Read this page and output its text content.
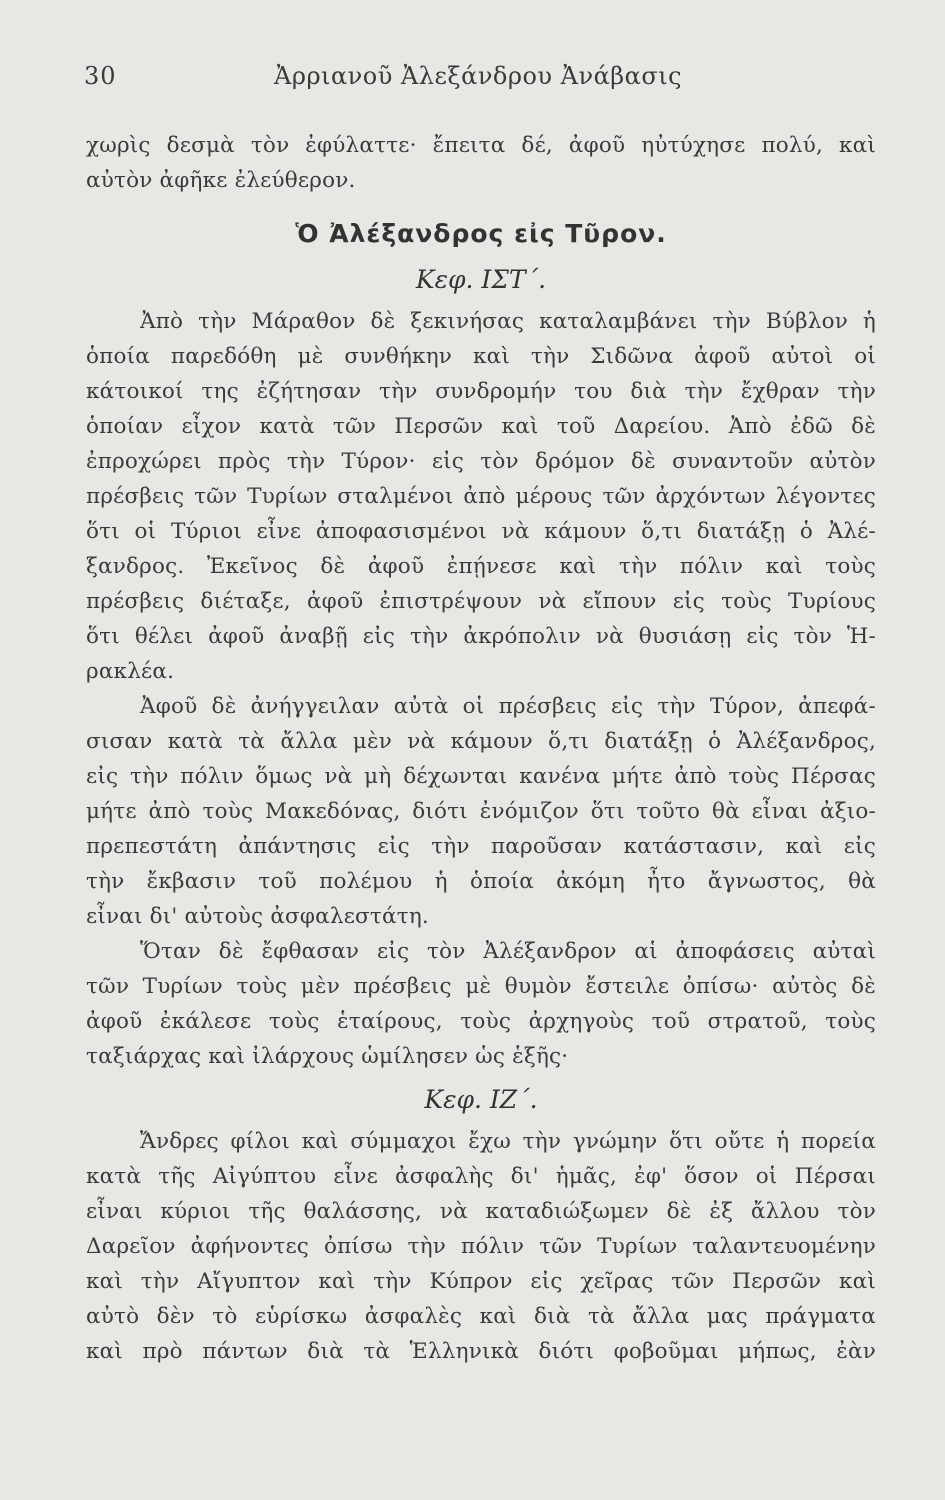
30	Ἀρριανοῦ Ἀλεξάνδρου Ἀνάβασις
χωρὶς δεσμὰ τὸν ἐφύλαττε· ἔπειτα δέ, ἀφοῦ ηὐτύχησε πολύ, καὶ
αὐτὸν ἀφῆκε ἐλεύθερον.
Ὁ Ἀλέξανδρος εἰς Τῦρον.
Κεφ. ΙΣΤ΄.
Ἀπὸ τὴν Μάραθον δὲ ξεκινήσας καταλαμβάνει τὴν Βύβλον ἡ
ὁποία παρεδόθη μὲ συνθήκην καὶ τὴν Σιδῶνα ἀφοῦ αὐτοὶ οἱ
κάτοικοί της ἐζήτησαν τὴν συνδρομήν του διὰ τὴν ἔχθραν τὴν
ὁποίαν εἶχον κατὰ τῶν Περσῶν καὶ τοῦ Δαρείου. Ἀπὸ ἐδῶ δὲ
ἐπροχώρει πρὸς τὴν Τύρον· εἰς τὸν δρόμον δὲ συναντοῦν αὐτὸν
πρέσβεις τῶν Τυρίων σταλμένοι ἀπὸ μέρους τῶν ἀρχόντων λέγοντες
ὅτι οἱ Τύριοι εἶνε ἀποφασισμένοι νὰ κάμουν ὅ,τι διατάξῃ ὁ Ἀλέ-
ξανδρος. Ἐκεῖνος δὲ ἀφοῦ ἐπῄνεσε καὶ τὴν πόλιν καὶ τοὺς
πρέσβεις διέταξε, ἀφοῦ ἐπιστρέψουν νὰ εἴπουν εἰς τοὺς Τυρίους
ὅτι θέλει ἀφοῦ ἀναβῇ εἰς τὴν ἀκρόπολιν νὰ θυσιάσῃ εἰς τὸν Ἡ-
ρακλέα.
Ἀφοῦ δὲ ἀνήγγειλαν αὐτὰ οἱ πρέσβεις εἰς τὴν Τύρον, ἀπεφά-
σισαν κατὰ τὰ ἄλλα μὲν νὰ κάμουν ὅ,τι διατάξῃ ὁ Ἀλέξανδρος,
εἰς τὴν πόλιν ὅμως νὰ μὴ δέχωνται κανένα μήτε ἀπὸ τοὺς Πέρσας
μήτε ἀπὸ τοὺς Μακεδόνας, διότι ἐνόμιζον ὅτι τοῦτο θὰ εἶναι ἀξιο-
πρεπεστάτη ἀπάντησις εἰς τὴν παροῦσαν κατάστασιν, καὶ εἰς
τὴν ἔκβασιν τοῦ πολέμου ἡ ὁποία ἀκόμη ἦτο ἄγνωστος, θὰ
εἶναι δι' αὐτοὺς ἀσφαλεστάτη.
Ὅταν δὲ ἔφθασαν εἰς τὸν Ἀλέξανδρον αἱ ἀποφάσεις αὐταὶ
τῶν Τυρίων τοὺς μὲν πρέσβεις μὲ θυμὸν ἔστειλε ὀπίσω· αὐτὸς δὲ
ἀφοῦ ἐκάλεσε τοὺς ἑταίρους, τοὺς ἀρχηγοὺς τοῦ στρατοῦ, τοὺς
ταξιάρχας καὶ ἰλάρχους ὡμίλησεν ὡς ἑξῆς·
Κεφ. ΙΖ΄.
Ἄνδρες φίλοι καὶ σύμμαχοι ἔχω τὴν γνώμην ὅτι οὔτε ἡ πορεία
κατὰ τῆς Αἰγύπτου εἶνε ἀσφαλὴς δι' ἡμᾶς, ἐφ' ὅσον οἱ Πέρσαι
εἶναι κύριοι τῆς θαλάσσης, νὰ καταδιώξωμεν δὲ ἐξ ἄλλου τὸν
Δαρεῖον ἀφήνοντες ὀπίσω τὴν πόλιν τῶν Τυρίων ταλαντευομένην
καὶ τὴν Αἴγυπτον καὶ τὴν Κύπρον εἰς χεῖρας τῶν Περσῶν καὶ
αὐτὸ δὲν τὸ εὑρίσκω ἀσφαλὲς καὶ διὰ τὰ ἄλλα μας πράγματα
καὶ πρὸ πάντων διὰ τὰ Ἑλληνικὰ διότι φοβοῦμαι μήπως, ἐὰν
